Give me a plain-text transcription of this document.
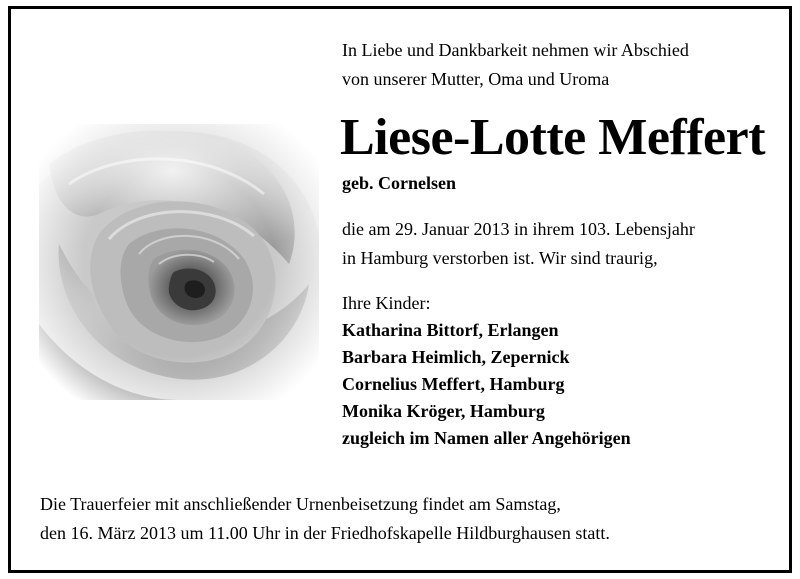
In Liebe und Dankbarkeit nehmen wir Abschied
von unserer Mutter, Oma und Uroma
Liese-Lotte Meffert
geb. Cornelsen
die am 29. Januar 2013 in ihrem 103. Lebensjahr
in Hamburg verstorben ist. Wir sind traurig,
Ihre Kinder:
Katharina Bittorf, Erlangen
Barbara Heimlich, Zepernick
Cornelius Meffert, Hamburg
Monika Kröger, Hamburg
zugleich im Namen aller Angehörigen
Die Trauerfeier mit anschließender Urnenbeisetzung findet am Samstag,
den 16. März 2013 um 11.00 Uhr in der Friedhofskapelle Hildburghausen statt.
